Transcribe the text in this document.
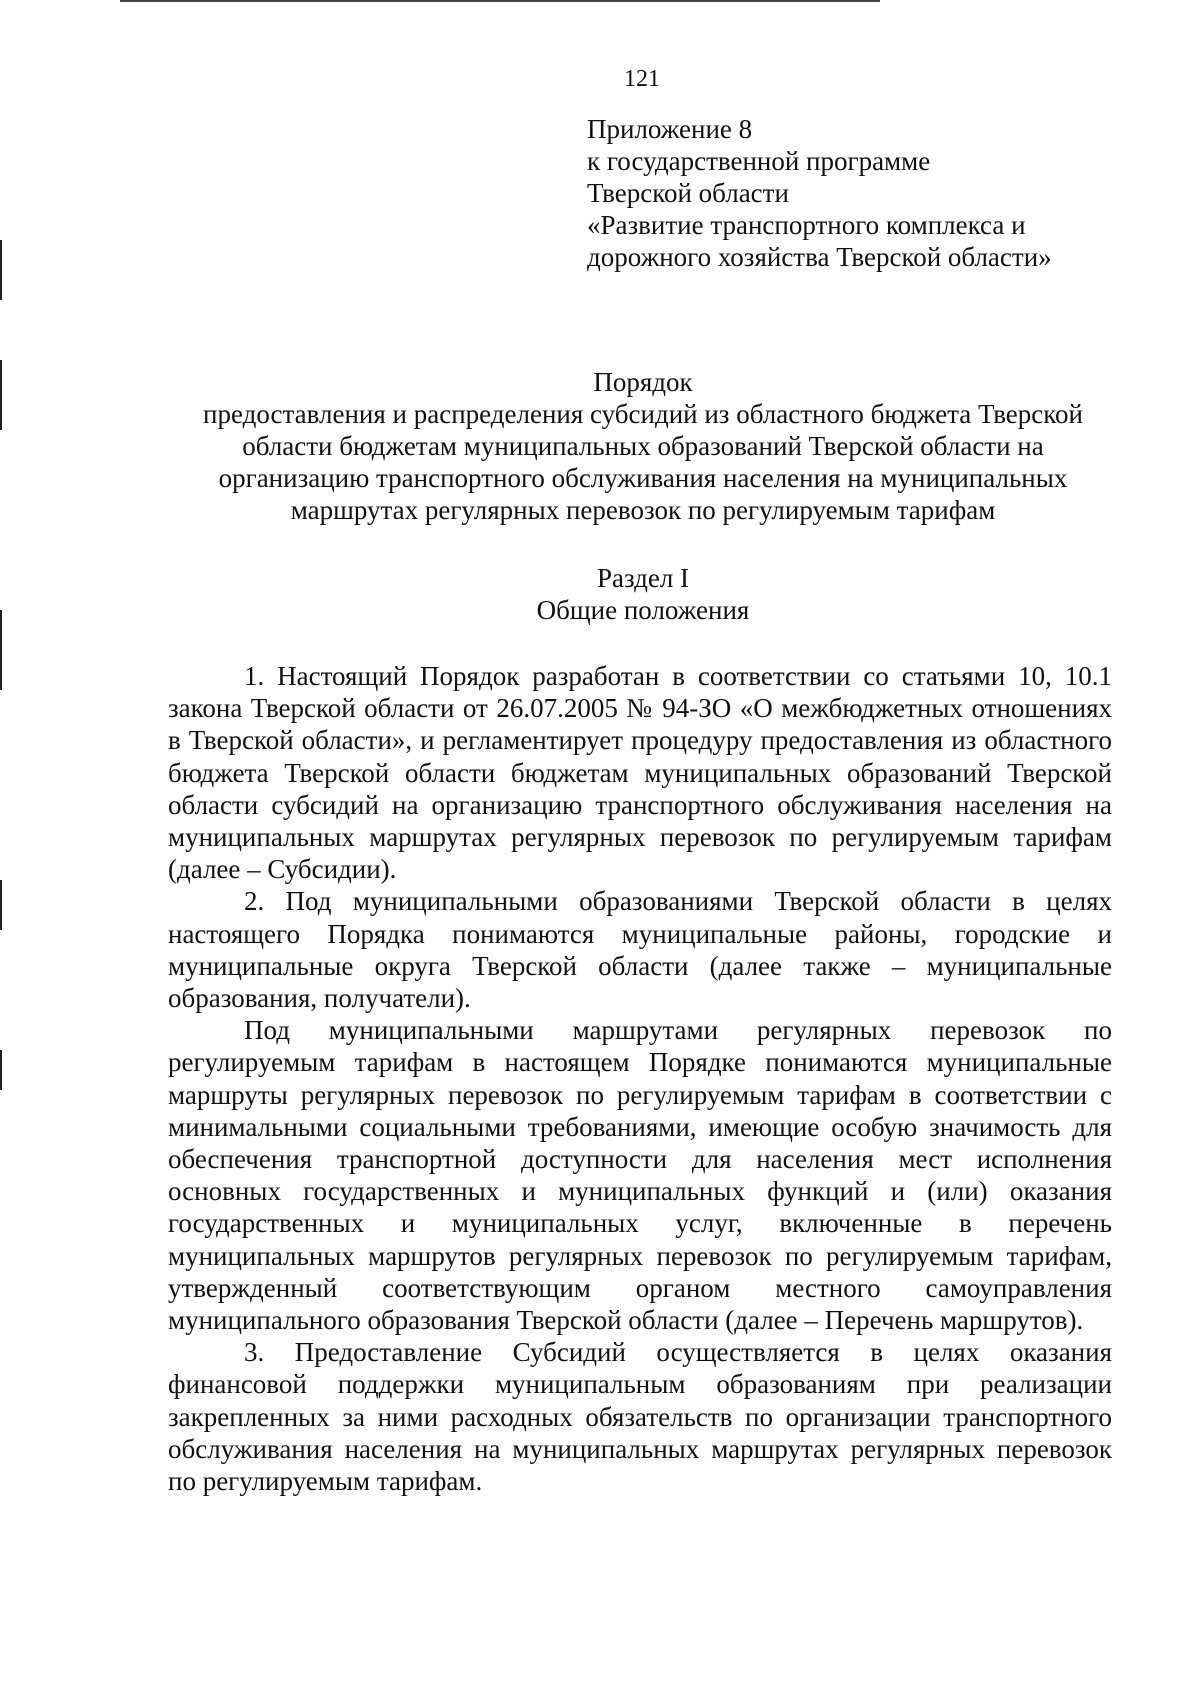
121
Приложение 8
к государственной программе
Тверской области
«Развитие транспортного комплекса и
дорожного хозяйства Тверской области»
Порядок
предоставления и распределения субсидий из областного бюджета Тверской
области бюджетам муниципальных образований Тверской области на
организацию транспортного обслуживания населения на муниципальных
маршрутах регулярных перевозок по регулируемым тарифам
Раздел I
Общие положения

1. Настоящий Порядок разработан в соответствии со статьями 10, 10.1 закона Тверской области от 26.07.2005 № 94-ЗО «О межбюджетных отношениях в Тверской области», и регламентирует процедуру предоставления из областного бюджета Тверской области бюджетам муниципальных образований Тверской области субсидий на организацию транспортного обслуживания населения на муниципальных маршрутах регулярных перевозок по регулируемым тарифам (далее – Субсидии).

2. Под муниципальными образованиями Тверской области в целях настоящего Порядка понимаются муниципальные районы, городские и муниципальные округа Тверской области (далее также – муниципальные образования, получатели).

Под муниципальными маршрутами регулярных перевозок по регулируемым тарифам в настоящем Порядке понимаются муниципальные маршруты регулярных перевозок по регулируемым тарифам в соответствии с минимальными социальными требованиями, имеющие особую значимость для обеспечения транспортной доступности для населения мест исполнения основных государственных и муниципальных функций и (или) оказания государственных и муниципальных услуг, включенные в перечень муниципальных маршрутов регулярных перевозок по регулируемым тарифам, утвержденный соответствующим органом местного самоуправления муниципального образования Тверской области (далее – Перечень маршрутов).

3. Предоставление Субсидий осуществляется в целях оказания финансовой поддержки муниципальным образованиям при реализации закрепленных за ними расходных обязательств по организации транспортного обслуживания населения на муниципальных маршрутах регулярных перевозок по регулируемым тарифам.
